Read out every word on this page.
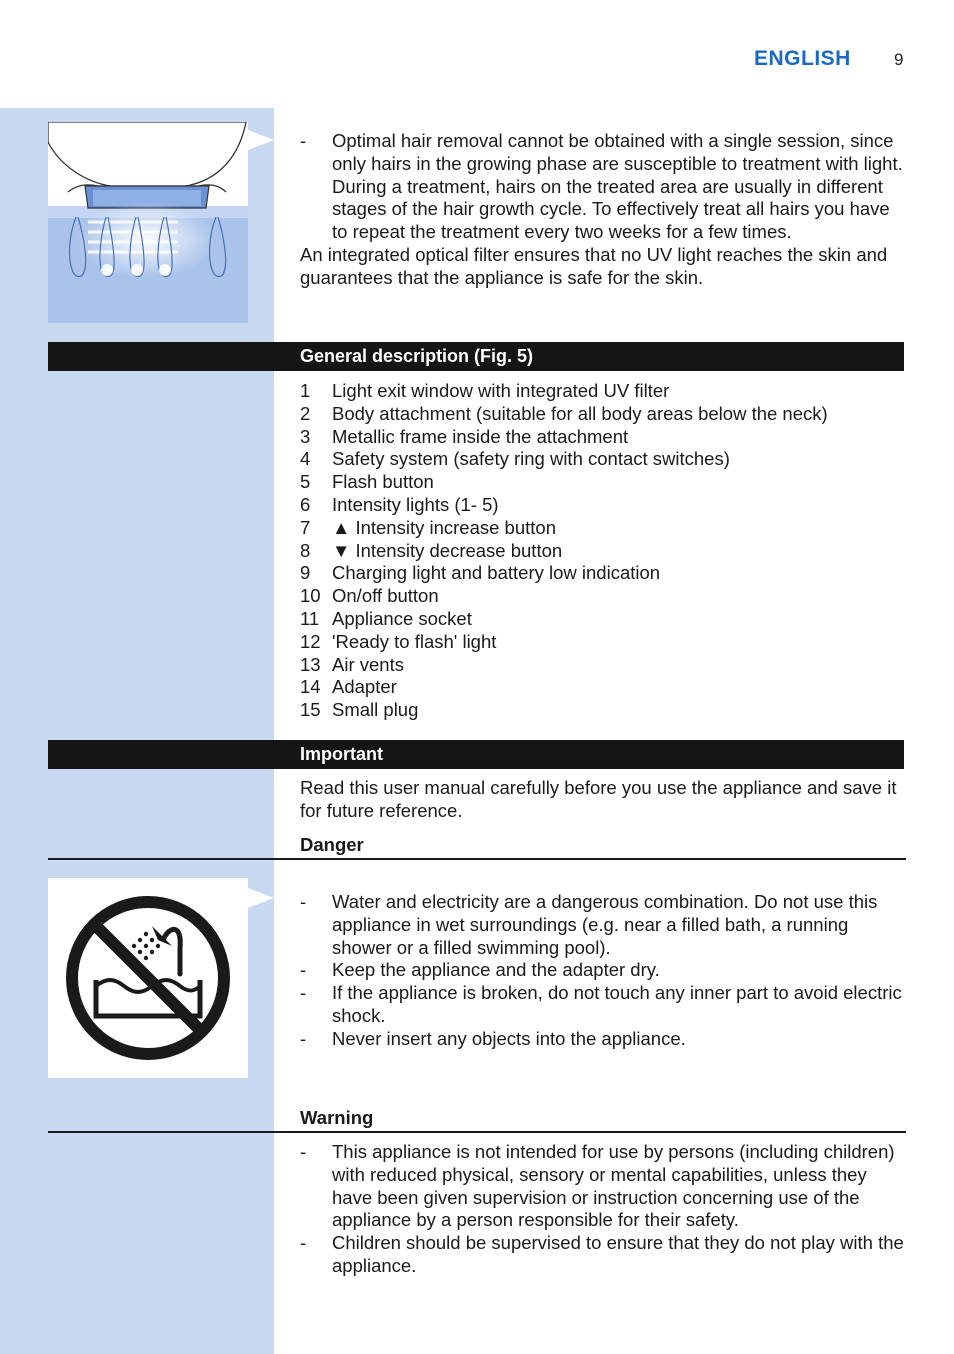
ENGLISH	9
- Optimal hair removal cannot be obtained with a single session, since only hairs in the growing phase are susceptible to treatment with light. During a treatment, hairs on the treated area are usually in different stages of the hair growth cycle. To effectively treat all hairs you have to repeat the treatment every two weeks for a few times.
An integrated optical filter ensures that no UV light reaches the skin and guarantees that the appliance is safe for the skin.
General description (Fig. 5)
1	Light exit window with integrated UV filter
2	Body attachment (suitable for all body areas below the neck)
3	Metallic frame inside the attachment
4	Safety system (safety ring with contact switches)
5	Flash button
6	Intensity lights (1- 5)
7	▲ Intensity increase button
8	▼ Intensity decrease button
9	Charging light and battery low indication
10 On/off button
11 Appliance socket
12 'Ready to flash' light
13 Air vents
14 Adapter
15 Small plug
Important
Read this user manual carefully before you use the appliance and save it for future reference.
Danger
- Water and electricity are a dangerous combination. Do not use this appliance in wet surroundings (e.g. near a filled bath, a running shower or a filled swimming pool).
- Keep the appliance and the adapter dry.
- If the appliance is broken, do not touch any inner part to avoid electric shock.
- Never insert any objects into the appliance.
Warning
- This appliance is not intended for use by persons (including children) with reduced physical, sensory or mental capabilities, unless they have been given supervision or instruction concerning use of the appliance by a person responsible for their safety.
- Children should be supervised to ensure that they do not play with the appliance.
